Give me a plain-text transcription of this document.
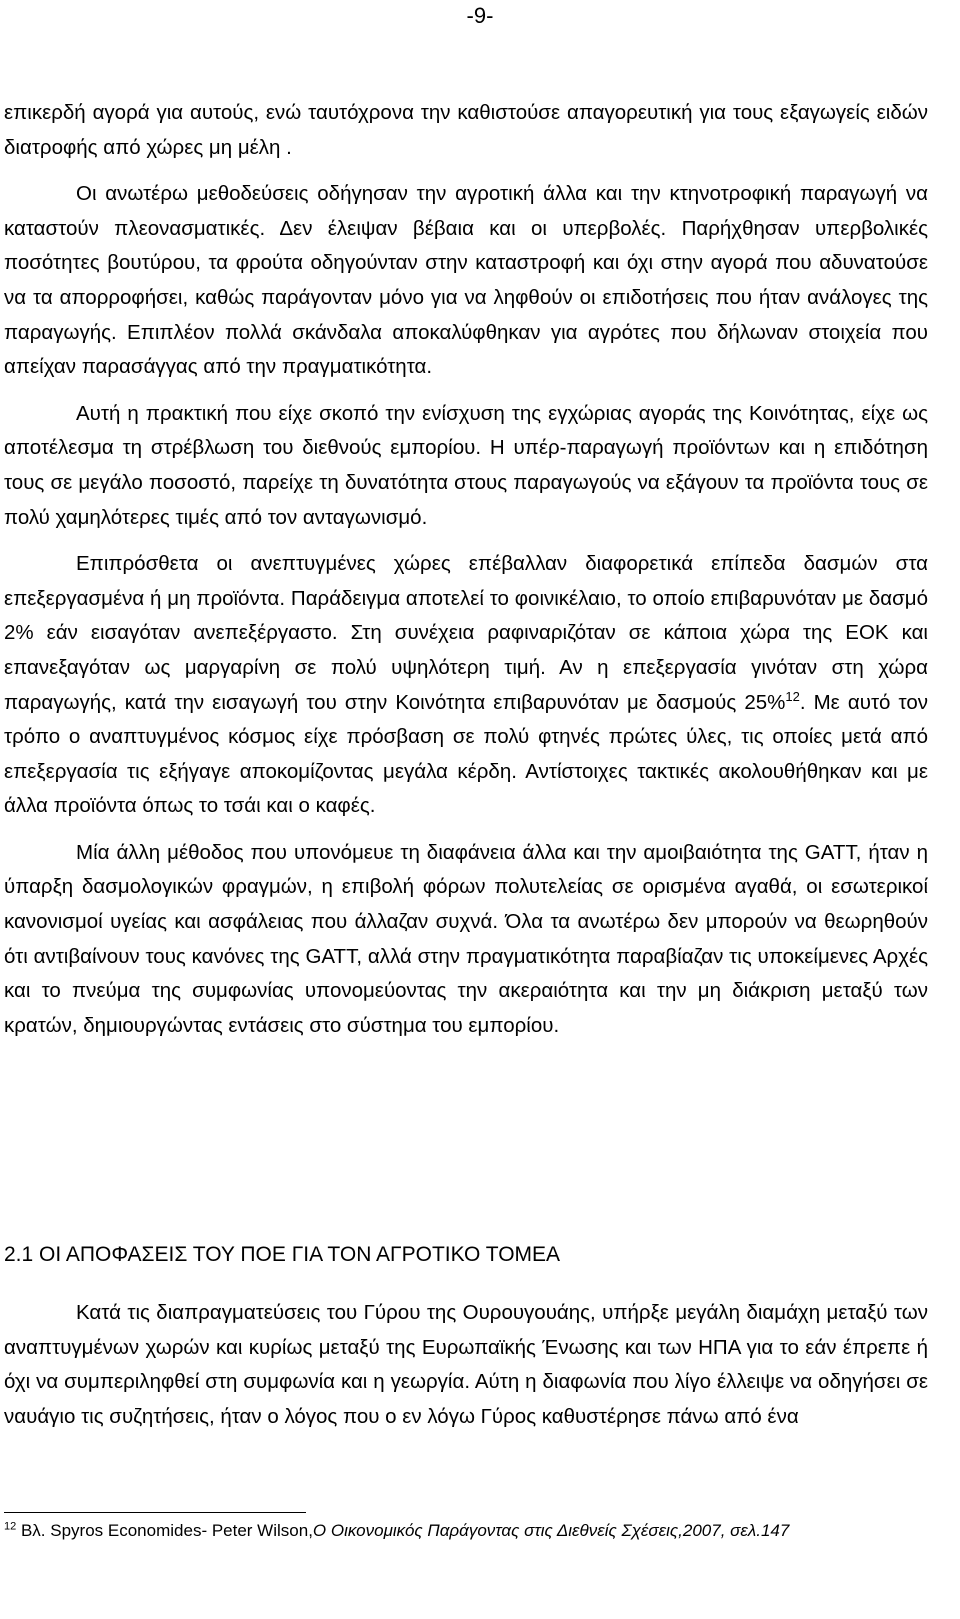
-9-

επικερδή αγορά για αυτούς, ενώ ταυτόχρονα την καθιστούσε απαγορευτική για τους εξαγωγείς ειδών διατροφής από χώρες μη μέλη .

Οι ανωτέρω μεθοδεύσεις οδήγησαν την αγροτική άλλα και την κτηνοτροφική παραγωγή να καταστούν πλεονασματικές. Δεν έλειψαν βέβαια και οι υπερβολές. Παρήχθησαν υπερβολικές ποσότητες βουτύρου, τα φρούτα οδηγούνταν στην καταστροφή και όχι στην αγορά που αδυνατούσε να τα απορροφήσει, καθώς παράγονταν μόνο για να ληφθούν οι επιδοτήσεις που ήταν ανάλογες της παραγωγής. Επιπλέον πολλά σκάνδαλα αποκαλύφθηκαν για αγρότες που δήλωναν στοιχεία που απείχαν παρασάγγας από την πραγματικότητα.

Αυτή η πρακτική που είχε σκοπό την ενίσχυση της εγχώριας αγοράς της Κοινότητας, είχε ως αποτέλεσμα τη στρέβλωση του διεθνούς εμπορίου. Η υπέρ-παραγωγή προϊόντων και η επιδότηση τους σε μεγάλο ποσοστό, παρείχε τη δυνατότητα στους παραγωγούς να εξάγουν τα προϊόντα τους σε πολύ χαμηλότερες τιμές από τον ανταγωνισμό.

Επιπρόσθετα οι ανεπτυγμένες χώρες επέβαλλαν διαφορετικά επίπεδα δασμών στα επεξεργασμένα ή μη προϊόντα. Παράδειγμα αποτελεί το φοινικέλαιο, το οποίο επιβαρυνόταν με δασμό 2% εάν εισαγόταν ανεπεξέργαστο. Στη συνέχεια ραφιναριζόταν σε κάποια χώρα της ΕΟΚ και επανεξαγόταν ως μαργαρίνη σε πολύ υψηλότερη τιμή. Αν η επεξεργασία γινόταν στη χώρα παραγωγής, κατά την εισαγωγή του στην Κοινότητα επιβαρυνόταν με δασμούς 25%$^{12}$. Με αυτό τον τρόπο ο αναπτυγμένος κόσμος είχε πρόσβαση σε πολύ φτηνές πρώτες ύλες, τις οποίες μετά από επεξεργασία τις εξήγαγε αποκομίζοντας μεγάλα κέρδη. Αντίστοιχες τακτικές ακολουθήθηκαν και με άλλα προϊόντα όπως το τσάι και ο καφές.

Μία άλλη μέθοδος που υπονόμευε τη διαφάνεια άλλα και την αμοιβαιότητα της GATT, ήταν η ύπαρξη δασμολογικών φραγμών, η επιβολή φόρων πολυτελείας σε ορισμένα αγαθά, οι εσωτερικοί κανονισμοί υγείας και ασφάλειας που άλλαζαν συχνά. Όλα τα ανωτέρω δεν μπορούν να θεωρηθούν ότι αντιβαίνουν τους κανόνες της GATT, αλλά στην πραγματικότητα παραβίαζαν τις υποκείμενες Αρχές και το πνεύμα της συμφωνίας υπονομεύοντας την ακεραιότητα και την μη διάκριση μεταξύ των κρατών, δημιουργώντας εντάσεις στο σύστημα του εμπορίου.

2.1 ΟΙ ΑΠΟΦΑΣΕΙΣ ΤΟΥ ΠΟΕ ΓΙΑ ΤΟΝ ΑΓΡΟΤΙΚΟ ΤΟΜΕΑ

Κατά τις διαπραγματεύσεις του Γύρου της Ουρουγουάης, υπήρξε μεγάλη διαμάχη μεταξύ των αναπτυγμένων χωρών και κυρίως μεταξύ της Ευρωπαϊκής Ένωσης και των ΗΠΑ για το εάν έπρεπε ή όχι να συμπεριληφθεί στη συμφωνία και η γεωργία. Αύτη η διαφωνία που λίγο έλλειψε να οδηγήσει σε ναυάγιο τις συζητήσεις, ήταν ο λόγος που ο εν λόγω Γύρος καθυστέρησε πάνω από ένα

$^{12}$ Βλ. Spyros Economides- Peter Wilson,Ο Οικονομικός Παράγοντας στις Διεθνείς Σχέσεις,2007, σελ.147
